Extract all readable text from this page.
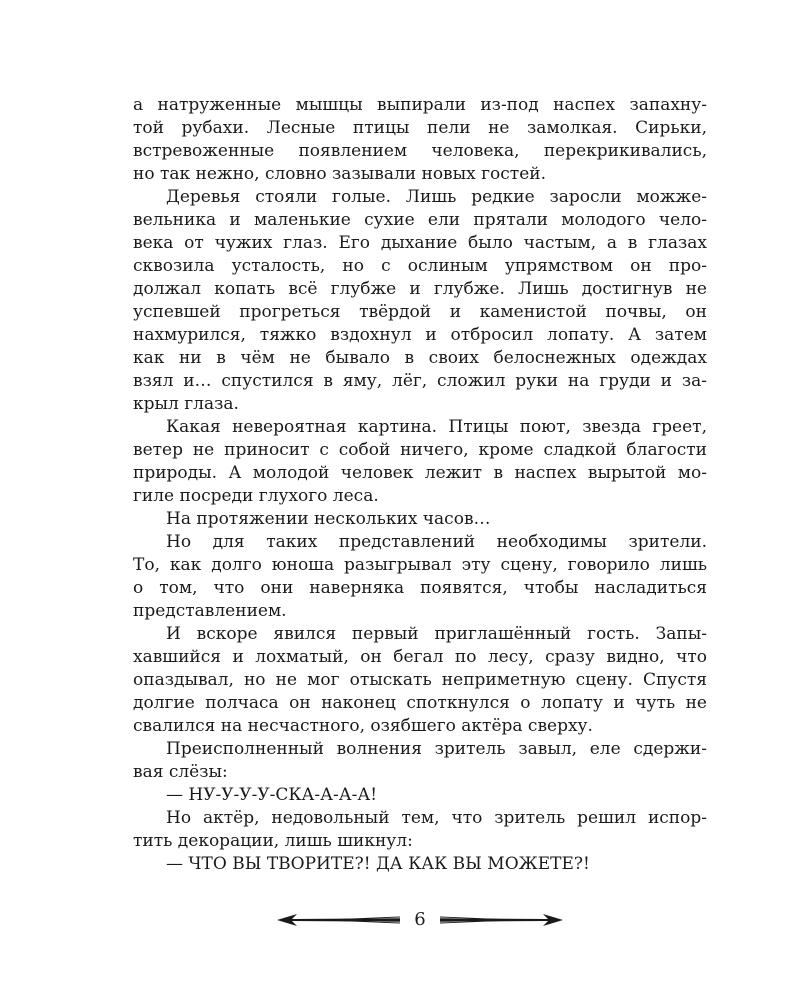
а натруженные мышцы выпирали из-под наспех запахну-
той рубахи. Лесные птицы пели не замолкая. Сирьки,
встревоженные появлением человека, перекрикивались,
но так нежно, словно зазывали новых гостей.
Деревья стояли голые. Лишь редкие заросли можже-
вельника и маленькие сухие ели прятали молодого чело-
века от чужих глаз. Его дыхание было частым, а в глазах
сквозила усталость, но с ослиным упрямством он про-
должал копать всё глубже и глубже. Лишь достигнув не
успевшей прогреться твёрдой и каменистой почвы, он
нахмурился, тяжко вздохнул и отбросил лопату. А затем
как ни в чём не бывало в своих белоснежных одеждах
взял и… спустился в яму, лёг, сложил руки на груди и за-
крыл глаза.
Какая невероятная картина. Птицы поют, звезда греет,
ветер не приносит с собой ничего, кроме сладкой благости
природы. А молодой человек лежит в наспех вырытой мо-
гиле посреди глухого леса.
На протяжении нескольких часов…
Но для таких представлений необходимы зрители.
То, как долго юноша разыгрывал эту сцену, говорило лишь
о том, что они наверняка появятся, чтобы насладиться
представлением.
И вскоре явился первый приглашённый гость. Запы-
хавшийся и лохматый, он бегал по лесу, сразу видно, что
опаздывал, но не мог отыскать неприметную сцену. Спустя
долгие полчаса он наконец споткнулся о лопату и чуть не
свалился на несчастного, озябшего актёра сверху.
Преисполненный волнения зритель завыл, еле сдержи-
вая слёзы:
— НУ-У-У-У-СКА-А-А-А!
Но актёр, недовольный тем, что зритель решил испор-
тить декорации, лишь шикнул:
— ЧТО ВЫ ТВОРИТЕ?! ДА КАК ВЫ МОЖЕТЕ?!
6
